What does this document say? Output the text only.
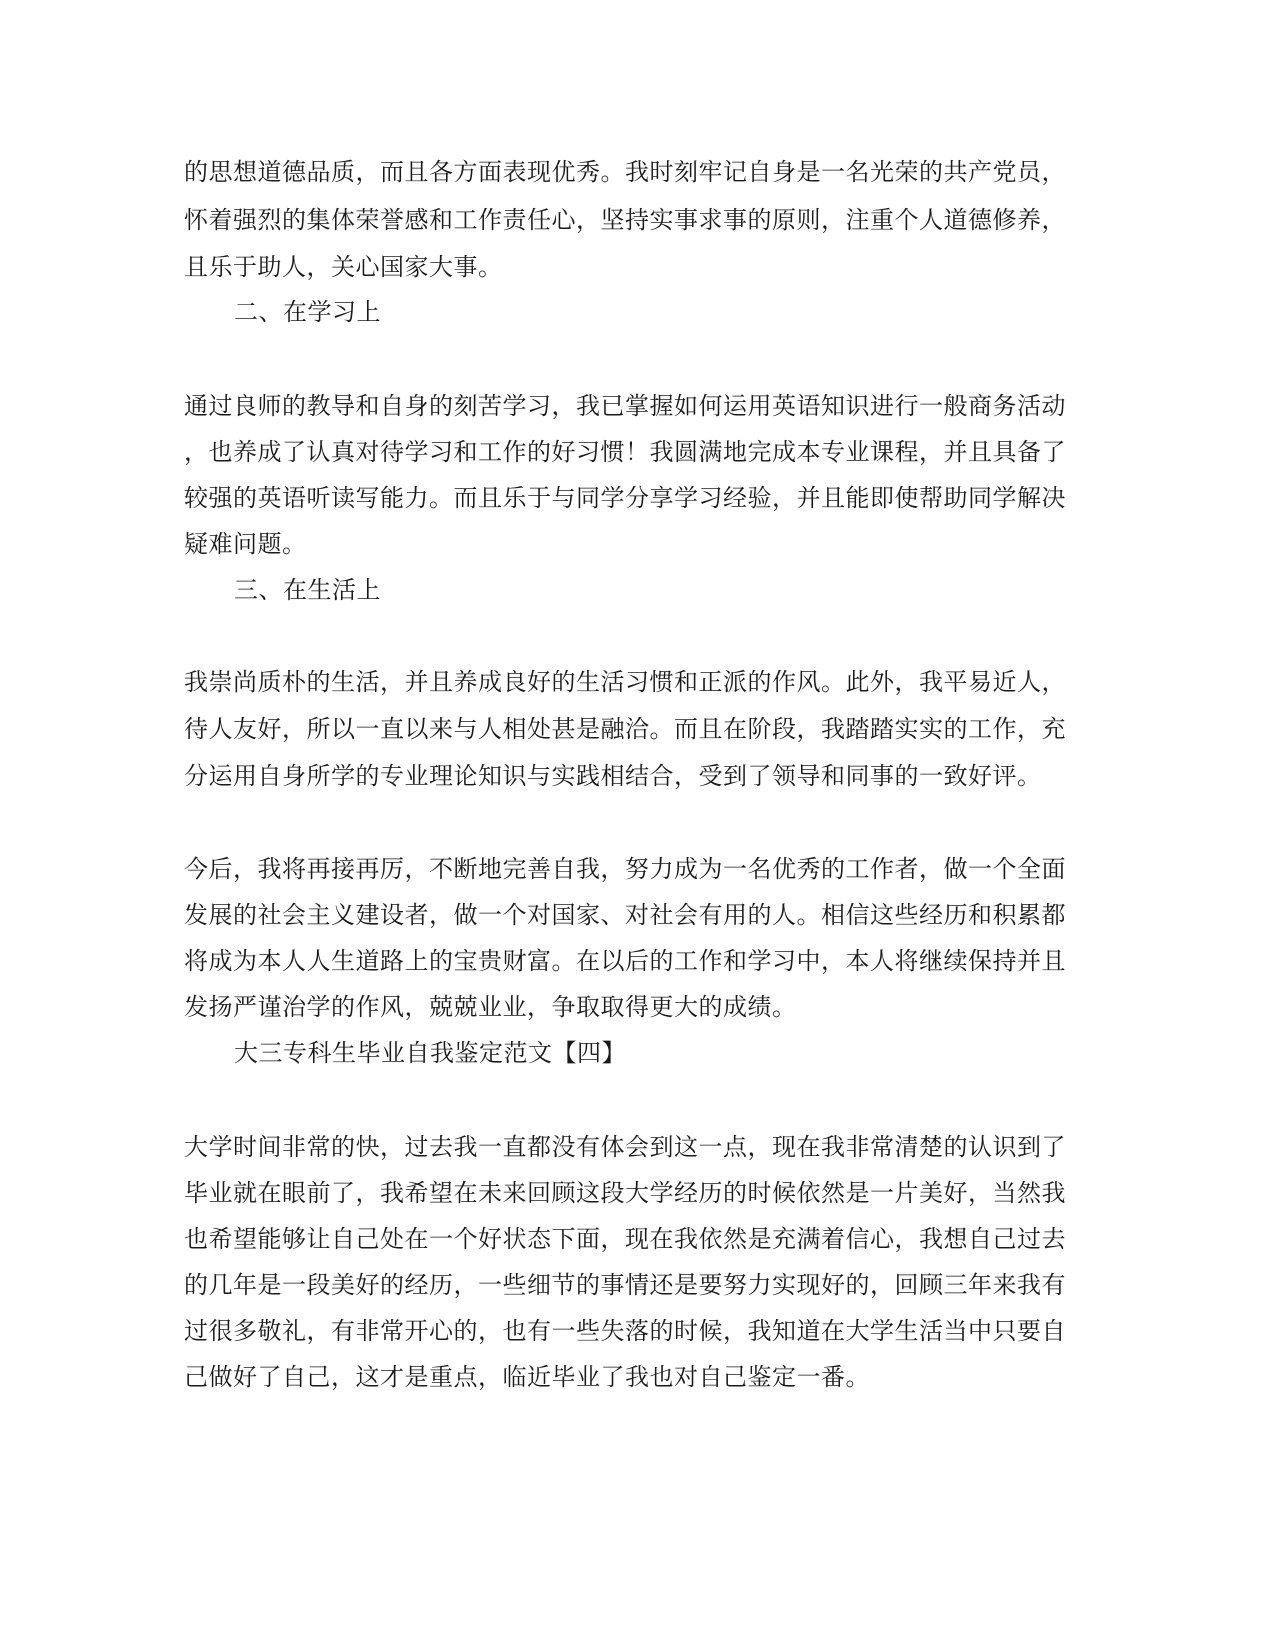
的思想道德品质，而且各方面表现优秀。我时刻牢记自身是一名光荣的共产党员，
怀着强烈的集体荣誉感和工作责任心，坚持实事求事的原则，注重个人道德修养，
且乐于助人，关心国家大事。
二、在学习上
通过良师的教导和自身的刻苦学习，我已掌握如何运用英语知识进行一般商务活动
，也养成了认真对待学习和工作的好习惯！我圆满地完成本专业课程，并且具备了
较强的英语听读写能力。而且乐于与同学分享学习经验，并且能即使帮助同学解决
疑难问题。
三、在生活上
我崇尚质朴的生活，并且养成良好的生活习惯和正派的作风。此外，我平易近人，
待人友好，所以一直以来与人相处甚是融洽。而且在阶段，我踏踏实实的工作，充
分运用自身所学的专业理论知识与实践相结合，受到了领导和同事的一致好评。
今后，我将再接再厉，不断地完善自我，努力成为一名优秀的工作者，做一个全面
发展的社会主义建设者，做一个对国家、对社会有用的人。相信这些经历和积累都
将成为本人人生道路上的宝贵财富。在以后的工作和学习中，本人将继续保持并且
发扬严谨治学的作风，兢兢业业，争取取得更大的成绩。
大三专科生毕业自我鉴定范文【四】
大学时间非常的快，过去我一直都没有体会到这一点，现在我非常清楚的认识到了
毕业就在眼前了，我希望在未来回顾这段大学经历的时候依然是一片美好，当然我
也希望能够让自己处在一个好状态下面，现在我依然是充满着信心，我想自己过去
的几年是一段美好的经历，一些细节的事情还是要努力实现好的，回顾三年来我有
过很多敬礼，有非常开心的，也有一些失落的时候，我知道在大学生活当中只要自
己做好了自己，这才是重点，临近毕业了我也对自己鉴定一番。
